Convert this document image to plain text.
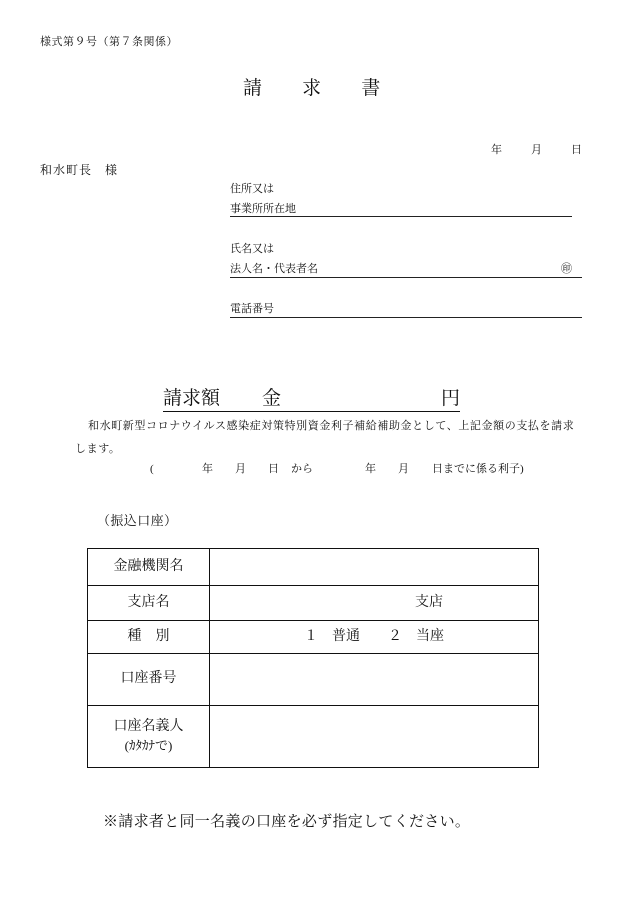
様式第９号（第７条関係）
請　　求　　書
年	月	日
和水町長　様
住所又は
事業所所在地
氏名又は
法人名・代表者名	㊞
電話番号
請求額 金	円
和水町新型コロナウイルス感染症対策特別資金利子補給補助金として、上記金額の支払を請求
します。
(	年 月 日 から	年 月 日までに係る利子)
（振込口座）
金融機関名	
支店名	支店
種　別	１　普通　　２　当座
口座番号	

口座名義人
(ｶﾀｶﾅで)	

※請求者と同一名義の口座を必ず指定してください。
